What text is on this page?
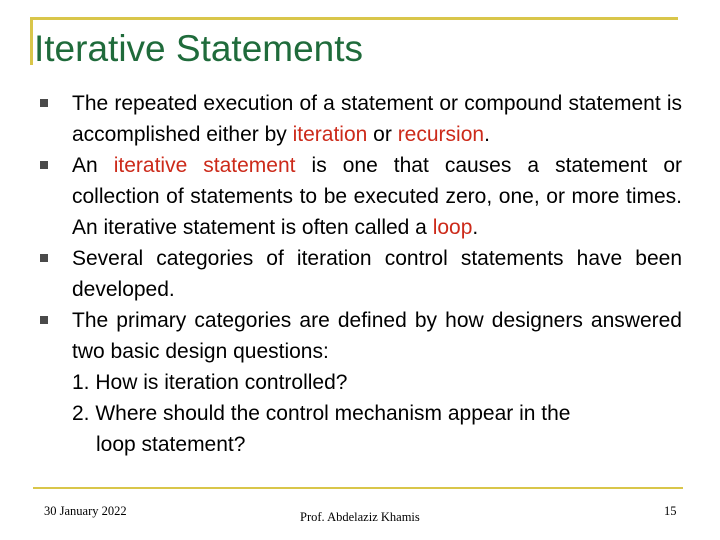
Iterative Statements
The repeated execution of a statement or compound statement is accomplished either by iteration or recursion.
An iterative statement is one that causes a statement or collection of statements to be executed zero, one, or more times. An iterative statement is often called a loop.
Several categories of iteration control statements have been developed.
The primary categories are defined by how designers answered two basic design questions:
1. How is iteration controlled?
2. Where should the control mechanism appear in the
loop statement?
30 January 2022	Prof. Abdelaziz Khamis	15
